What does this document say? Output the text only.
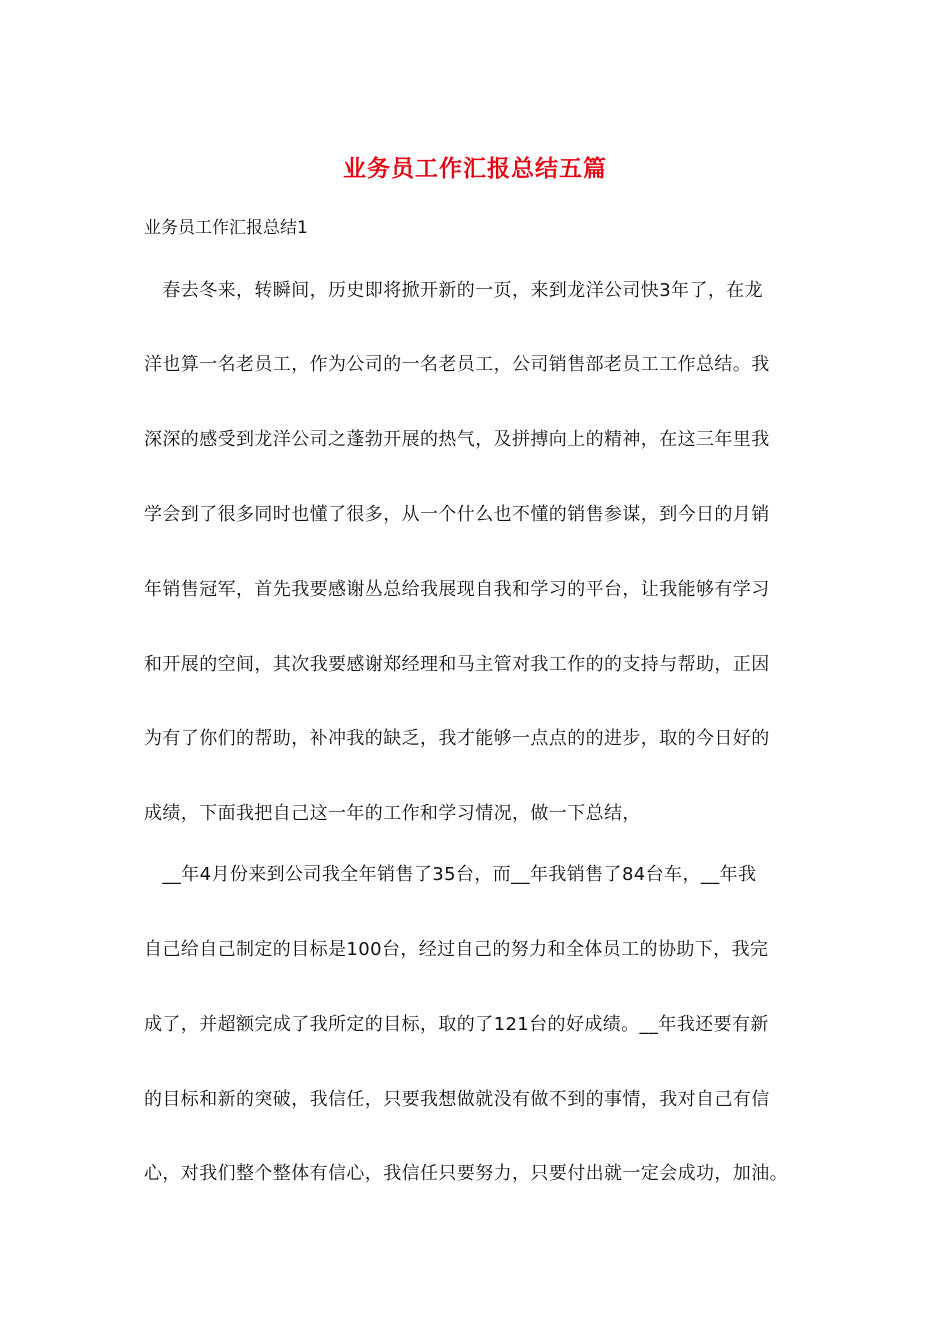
业务员工作汇报总结五篇
业务员工作汇报总结1
　春去冬来，转瞬间，历史即将掀开新的一页，来到龙洋公司快3年了，在龙
洋也算一名老员工，作为公司的一名老员工，公司销售部老员工工作总结。我
深深的感受到龙洋公司之蓬勃开展的热气，及拼搏向上的精神，在这三年里我
学会到了很多同时也懂了很多，从一个什么也不懂的销售参谋，到今日的月销
年销售冠军，首先我要感谢丛总给我展现自我和学习的平台，让我能够有学习
和开展的空间，其次我要感谢郑经理和马主管对我工作的的支持与帮助，正因
为有了你们的帮助，补冲我的缺乏，我才能够一点点的的进步，取的今日好的
成绩，下面我把自己这一年的工作和学习情况，做一下总结，
　__年4月份来到公司我全年销售了35台，而__年我销售了84台车，__年我
自己给自己制定的目标是100台，经过自己的努力和全体员工的协助下，我完
成了，并超额完成了我所定的目标，取的了121台的好成绩。__年我还要有新
的目标和新的突破，我信任，只要我想做就没有做不到的事情，我对自己有信
心，对我们整个整体有信心，我信任只要努力，只要付出就一定会成功，加油。
